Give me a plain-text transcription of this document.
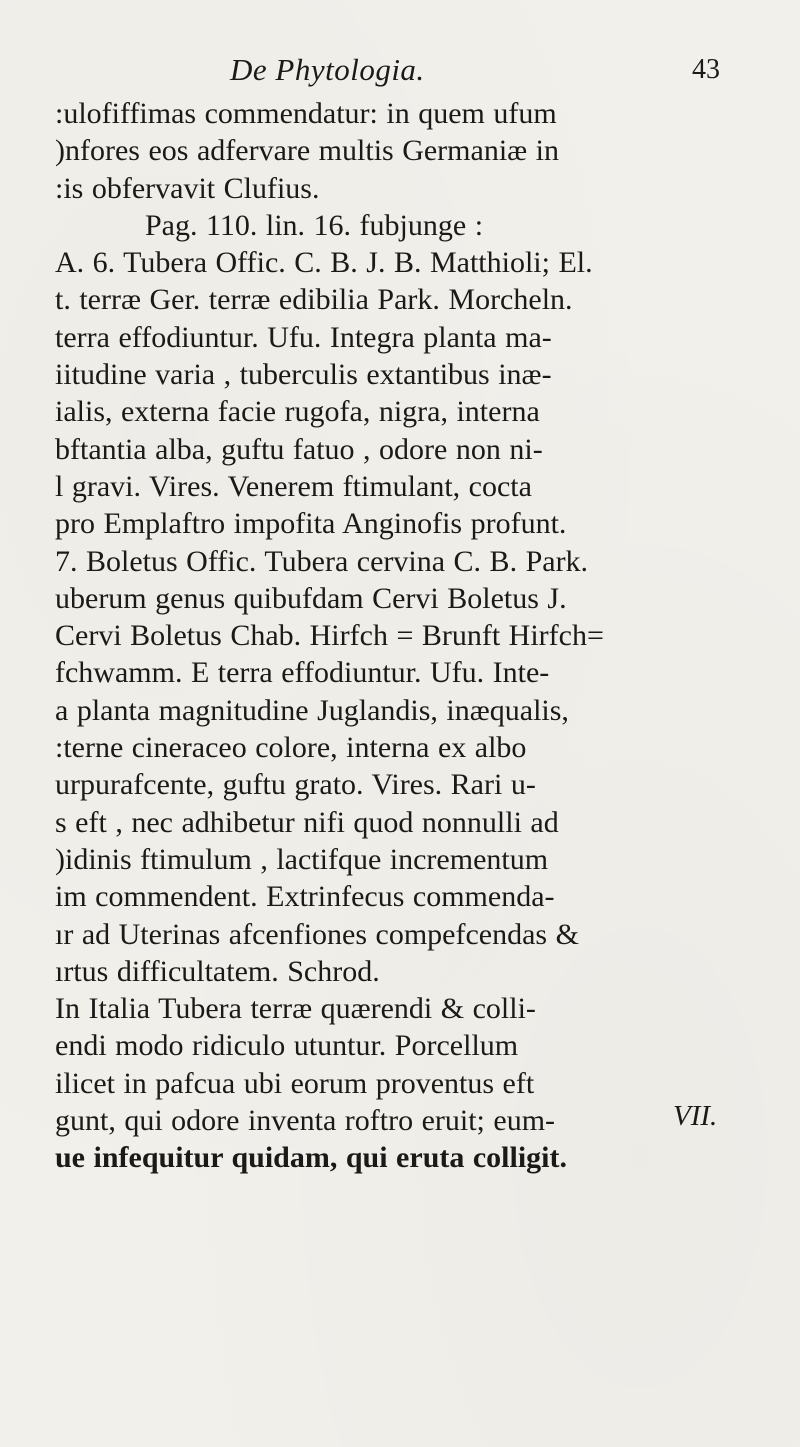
De Phytologia.	43
:ulofiffimas commendatur: in quem ufum
)nfores eos adfervare multis Germaniæ in
:is obfervavit Clufius.
Pag. 110. lin. 16. fubjunge :
A. 6. Tubera Offic. C. B. J. B. Matthioli; El.
t. terræ Ger. terræ edibilia Park. Morcheln.
terra effodiuntur. Ufu. Integra planta ma-
iitudine varia , tuberculis extantibus inæ-
ialis, externa facie rugofa, nigra, interna
bftantia alba, guftu fatuo , odore non ni-
l gravi. Vires. Venerem ftimulant, cocta
pro Emplaftro impofita Anginofis profunt.
7. Boletus Offic. Tubera cervina C. B. Park.
uberum genus quibufdam Cervi Boletus J.
Cervi Boletus Chab. Hirfch = Brunft Hirfch=
fchwamm. E terra effodiuntur. Ufu. Inte-
a planta magnitudine Juglandis, inæqualis,
:terne cineraceo colore, interna ex albo
urpurafcente, guftu grato. Vires. Rari u-
s eft , nec adhibetur nifi quod nonnulli ad
)idinis ftimulum , lactifque incrementum
im commendent. Extrinfecus commenda-
ır ad Uterinas afcenfiones compefcendas &
ırtus difficultatem. Schrod.
In Italia Tubera terræ quærendi & colli-
endi modo ridiculo utuntur. Porcellum
ilicet in pafcua ubi eorum proventus eft
gunt, qui odore inventa roftro eruit; eum-
ue infequitur quidam, qui eruta colligit.
VII.
